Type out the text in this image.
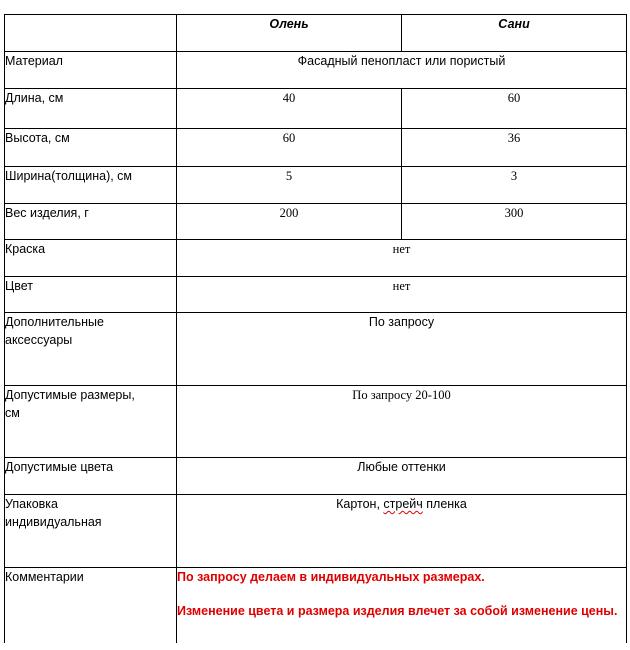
	Олень	Сани
Материал	Фасадный пенопласт или пористый	
Длина, см	40	60
Высота, см	60	36
Ширина(толщина), см	5	3
Вес изделия, г	200	300
Краска	нет	
Цвет	нет	
Дополнительные
аксессуары	По запросу	
Допустимые размеры,
см	По запросу 20-100	
Допустимые цвета	Любые оттенки	
Упаковка
индивидуальная	Картон, стрейч пленка	
Комментарии	По запросу делаем в индивидуальных размерах.

Изменение цвета и размера изделия влечет за собой изменение цены.	
